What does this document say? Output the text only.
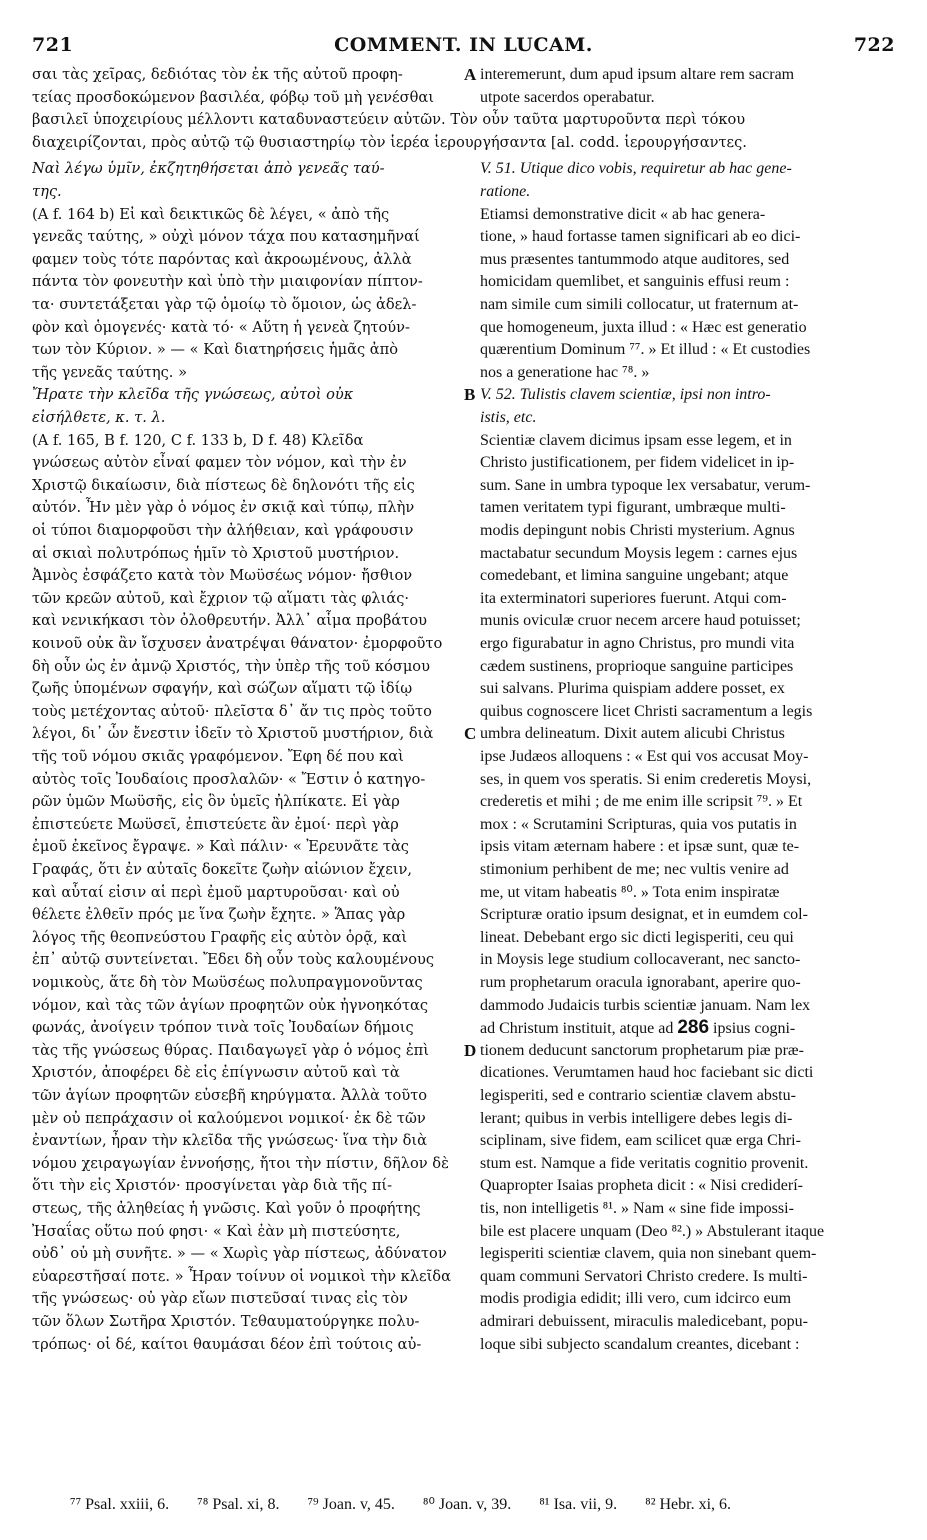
721	COMMENT. IN LUCAM.	722
σαι τὰς χεῖρας, δεδιότας τὸν ἐκ τῆς αὐτοῦ προφη-
τείας προσδοκώμενον βασιλέα, φόβῳ τοῦ μὴ γενέσθαι
interemerunt, dum apud ipsum altare rem sacram
utpote sacerdos operabatur.
βασιλεῖ ὑποχειρίους μέλλοντι καταδυναστεύειν αὐτῶν. Τὸν οὖν ταῦτα μαρτυροῦντα περὶ τόκου
διαχειρίζονται, πρὸς αὐτῷ τῷ θυσιαστηρίῳ τὸν ἱερέα ἱερουργήσαντα [al. codd. ἱερουργήσαντες.
Ναὶ λέγω ὑμῖν, ἐκζητηθήσεται ἀπὸ γενεᾶς ταύ-
της.
(A f. 164 b) Εἰ καὶ δεικτικῶς δὲ λέγει, « ἀπὸ τῆς
γενεᾶς ταύτης, » οὐχὶ μόνον τάχα που κατασημῆναί
φαμεν τοὺς τότε παρόντας καὶ ἀκροωμένους, ἀλλὰ
πάντα τὸν φονευτὴν καὶ ὑπὸ τὴν μιαιφονίαν πίπτον-
τα· συντετάξεται γὰρ τῷ ὁμοίῳ τὸ ὅμοιον, ὡς ἀδελ-
φὸν καὶ ὁμογενές· κατὰ τό· « Αὕτη ἡ γενεὰ ζητούν-
των τὸν Κύριον. » — « Καὶ διατηρήσεις ἡμᾶς ἀπὸ
τῆς γενεᾶς ταύτης. »
Ἤρατε τὴν κλεῖδα τῆς γνώσεως, αὐτοὶ οὐκ
εἰσήλθετε, κ. τ. λ.
(A f. 165, B f. 120, C f. 133 b, D f. 48) Κλεῖδα
γνώσεως αὐτὸν εἶναί φαμεν τὸν νόμον, καὶ τὴν ἐν
Χριστῷ δικαίωσιν, διὰ πίστεως δὲ δηλονότι τῆς εἰς
αὐτόν. Ἦν μὲν γὰρ ὁ νόμος ἐν σκιᾷ καὶ τύπῳ, πλὴν
οἱ τύποι διαμορφοῦσι τὴν ἀλήθειαν, καὶ γράφουσιν
αἱ σκιαὶ πολυτρόπως ἡμῖν τὸ Χριστοῦ μυστήριον.
Ἀμνὸς ἐσφάζετο κατὰ τὸν Μωϋσέως νόμον· ἤσθιον
τῶν κρεῶν αὐτοῦ, καὶ ἔχριον τῷ αἵματι τὰς φλιάς·
καὶ νενικήκασι τὸν ὀλοθρευτήν. Ἀλλ᾽ αἷμα προβάτου
κοινοῦ οὐκ ἂν ἴσχυσεν ἀνατρέψαι θάνατον· ἐμορφοῦτο
δὴ οὖν ὡς ἐν ἀμνῷ Χριστός, τὴν ὑπὲρ τῆς τοῦ κόσμου
ζωῆς ὑπομένων σφαγήν, καὶ σώζων αἵματι τῷ ἰδίῳ
τοὺς μετέχοντας αὐτοῦ· πλεῖστα δ᾽ ἄν τις πρὸς τοῦτο
λέγοι, δι᾽ ὧν ἔνεστιν ἰδεῖν τὸ Χριστοῦ μυστήριον, διὰ
τῆς τοῦ νόμου σκιᾶς γραφόμενον. Ἔφη δέ που καὶ
αὐτὸς τοῖς Ἰουδαίοις προσλαλῶν· « Ἔστιν ὁ κατηγο-
ρῶν ὑμῶν Μωϋσῆς, εἰς ὃν ὑμεῖς ἠλπίκατε. Εἰ γὰρ
ἐπιστεύετε Μωϋσεῖ, ἐπιστεύετε ἂν ἐμοί· περὶ γὰρ
ἐμοῦ ἐκεῖνος ἔγραψε. » Καὶ πάλιν· « Ἐρευνᾶτε τὰς
Γραφάς, ὅτι ἐν αὐταῖς δοκεῖτε ζωὴν αἰώνιον ἔχειν,
καὶ αὗταί εἰσιν αἱ περὶ ἐμοῦ μαρτυροῦσαι· καὶ οὐ
θέλετε ἐλθεῖν πρός με ἵνα ζωὴν ἔχητε. » Ἅπας γὰρ
λόγος τῆς θεοπνεύστου Γραφῆς εἰς αὐτὸν ὁρᾷ, καὶ
ἐπ᾽ αὐτῷ συντείνεται. Ἔδει δὴ οὖν τοὺς καλουμένους
νομικοὺς, ἅτε δὴ τὸν Μωϋσέως πολυπραγμονοῦντας
νόμον, καὶ τὰς τῶν ἁγίων προφητῶν οὐκ ἠγνοηκότας
φωνάς, ἀνοίγειν τρόπον τινὰ τοῖς Ἰουδαίων δήμοις
τὰς τῆς γνώσεως θύρας. Παιδαγωγεῖ γὰρ ὁ νόμος ἐπὶ
Χριστόν, ἀποφέρει δὲ εἰς ἐπίγνωσιν αὐτοῦ καὶ τὰ
τῶν ἁγίων προφητῶν εὐσεβῆ κηρύγματα. Ἀλλὰ τοῦτο
μὲν οὐ πεπράχασιν οἱ καλούμενοι νομικοί· ἐκ δὲ τῶν
ἐναντίων, ἦραν τὴν κλεῖδα τῆς γνώσεως· ἵνα τὴν διὰ
νόμου χειραγωγίαν ἐννοήσῃς, ἤτοι τὴν πίστιν, δῆλον δὲ
ὅτι τὴν εἰς Χριστόν· προσγίνεται γὰρ διὰ τῆς πί-
στεως, τῆς ἀληθείας ἡ γνῶσις. Καὶ γοῦν ὁ προφήτης
Ἠσαΐας οὕτω πού φησι· « Καὶ ἐὰν μὴ πιστεύσητε,
οὐδ᾽ οὐ μὴ συνῆτε. » — « Χωρὶς γὰρ πίστεως, ἀδύνατον
εὐαρεστῆσαί ποτε. » Ἦραν τοίνυν οἱ νομικοὶ τὴν κλεῖδα
τῆς γνώσεως· οὐ γὰρ εἴων πιστεῦσαί τινας εἰς τὸν
τῶν ὅλων Σωτῆρα Χριστόν. Τεθαυματούργηκε πολυ-
τρόπως· οἱ δέ, καίτοι θαυμάσαι δέον ἐπὶ τούτοις αὐ-
V. 51. Utique dico vobis, requiretur ab hac gene-
ratione.
Etiamsi demonstrative dicit « ab hac genera-
tione, » haud fortasse tamen significari ab eo dici-
mus præsentes tantummodo atque auditores, sed
homicidam quemlibet, et sanguinis effusi reum :
nam simile cum simili collocatur, ut fraternum at-
que homogeneum, juxta illud : « Hæc est generatio
quærentium Dominum ⁷⁷. » Et illud : « Et custodies
nos a generatione hac ⁷⁸. »
V. 52. Tulistis clavem scientiæ, ipsi non intro-
istis, etc.
Scientiæ clavem dicimus ipsam esse legem, et in
Christo justificationem, per fidem videlicet in ip-
sum. Sane in umbra typoque lex versabatur, verum-
tamen veritatem typi figurant, umbræque multi-
modis depingunt nobis Christi mysterium. Agnus
mactabatur secundum Moysis legem : carnes ejus
comedebant, et limina sanguine ungebant; atque
ita exterminatori superiores fuerunt. Atqui com-
munis oviculæ cruor necem arcere haud potuisset;
ergo figurabatur in agno Christus, pro mundi vita
cædem sustinens, proprioque sanguine participes
sui salvans. Plurima quispiam addere posset, ex
quibus cognoscere licet Christi sacramentum a legis
umbra delineatum. Dixit autem alicubi Christus
ipse Judæos alloquens : « Est qui vos accusat Moy-
ses, in quem vos speratis. Si enim crederetis Moysi,
crederetis et mihi ; de me enim ille scripsit ⁷⁹. » Et
mox : « Scrutamini Scripturas, quia vos putatis in
ipsis vitam æternam habere : et ipsæ sunt, quæ te-
stimonium perhibent de me; nec vultis venire ad
me, ut vitam habeatis ⁸⁰. » Tota enim inspiratæ
Scripturæ oratio ipsum designat, et in eumdem col-
lineat. Debebant ergo sic dicti legisperiti, ceu qui
in Moysis lege studium collocaverant, nec sancto-
rum prophetarum oracula ignorabant, aperire quo-
dammodo Judaicis turbis scientiæ januam. Nam lex
ad Christum instituit, atque ad 286 ipsius cogni-
dicationes. Verumtamen haud hoc faciebant sic dicti
legisperiti, sed e contrario scientiæ clavem abstu-
lerant; quibus in verbis intelligere debes legis di-
sciplinam, sive fidem, eam scilicet quæ erga Chri-
stum est. Namque a fide veritatis cognitio provenit.
Quapropter Isaias propheta dicit : « Nisi crediderí-
tis, non intelligetis ⁸¹. » Nam « sine fide impossi-
bile est placere unquam (Deo ⁸².) » Abstulerant itaque
legisperiti scientiæ clavem, quia non sinebant quem-
quam communi Servatori Christo credere. Is multi-
modis prodigia edidit; illi vero, cum idcirco eum
admirari debuissent, miraculis maledicebant, popu-
loque sibi subjecto scandalum creantes, dicebant :
tionem deducunt sanctorum prophetarum piæ præ-
A
B
C
D
⁷⁷ Psal. xxiii, 6. ⁷⁸ Psal. xi, 8. ⁷⁹ Joan. v, 45. ⁸⁰ Joan. v, 39. ⁸¹ Isa. vii, 9. ⁸² Hebr. xi, 6.
